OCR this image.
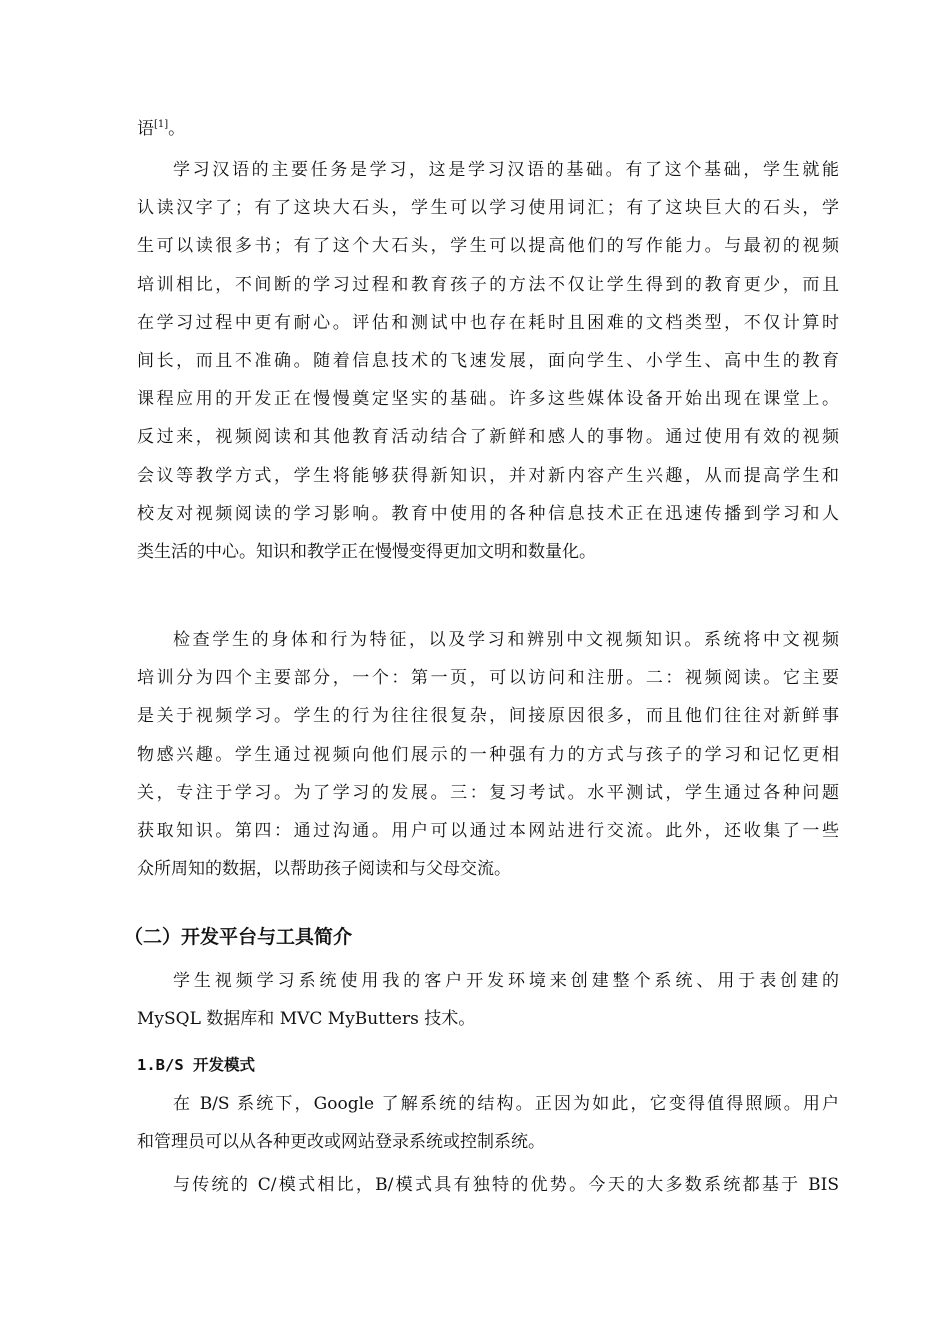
语[1]。
学习汉语的主要任务是学习，这是学习汉语的基础。有了这个基础，学生就能
认读汉字了；有了这块大石头，学生可以学习使用词汇；有了这块巨大的石头，学
生可以读很多书；有了这个大石头，学生可以提高他们的写作能力。与最初的视频
培训相比，不间断的学习过程和教育孩子的方法不仅让学生得到的教育更少，而且
在学习过程中更有耐心。评估和测试中也存在耗时且困难的文档类型，不仅计算时
间长，而且不准确。随着信息技术的飞速发展，面向学生、小学生、高中生的教育
课程应用的开发正在慢慢奠定坚实的基础。许多这些媒体设备开始出现在课堂上。
反过来，视频阅读和其他教育活动结合了新鲜和感人的事物。通过使用有效的视频
会议等教学方式，学生将能够获得新知识，并对新内容产生兴趣，从而提高学生和
校友对视频阅读的学习影响。教育中使用的各种信息技术正在迅速传播到学习和人
类生活的中心。知识和教学正在慢慢变得更加文明和数量化。
检查学生的身体和行为特征，以及学习和辨别中文视频知识。系统将中文视频
培训分为四个主要部分，一个：第一页，可以访问和注册。二：视频阅读。它主要
是关于视频学习。学生的行为往往很复杂，间接原因很多，而且他们往往对新鲜事
物感兴趣。学生通过视频向他们展示的一种强有力的方式与孩子的学习和记忆更相
关，专注于学习。为了学习的发展。三：复习考试。水平测试，学生通过各种问题
获取知识。第四：通过沟通。用户可以通过本网站进行交流。此外，还收集了一些
众所周知的数据，以帮助孩子阅读和与父母交流。
（二）开发平台与工具简介
学生视频学习系统使用我的客户开发环境来创建整个系统、用于表创建的
MySQL 数据库和 MVC MyButters 技术。
1.B/S 开发模式
在 B/S 系统下，Google 了解系统的结构。正因为如此，它变得值得照顾。用户
和管理员可以从各种更改或网站登录系统或控制系统。
与传统的 C/模式相比，B/模式具有独特的优势。今天的大多数系统都基于 BIS
